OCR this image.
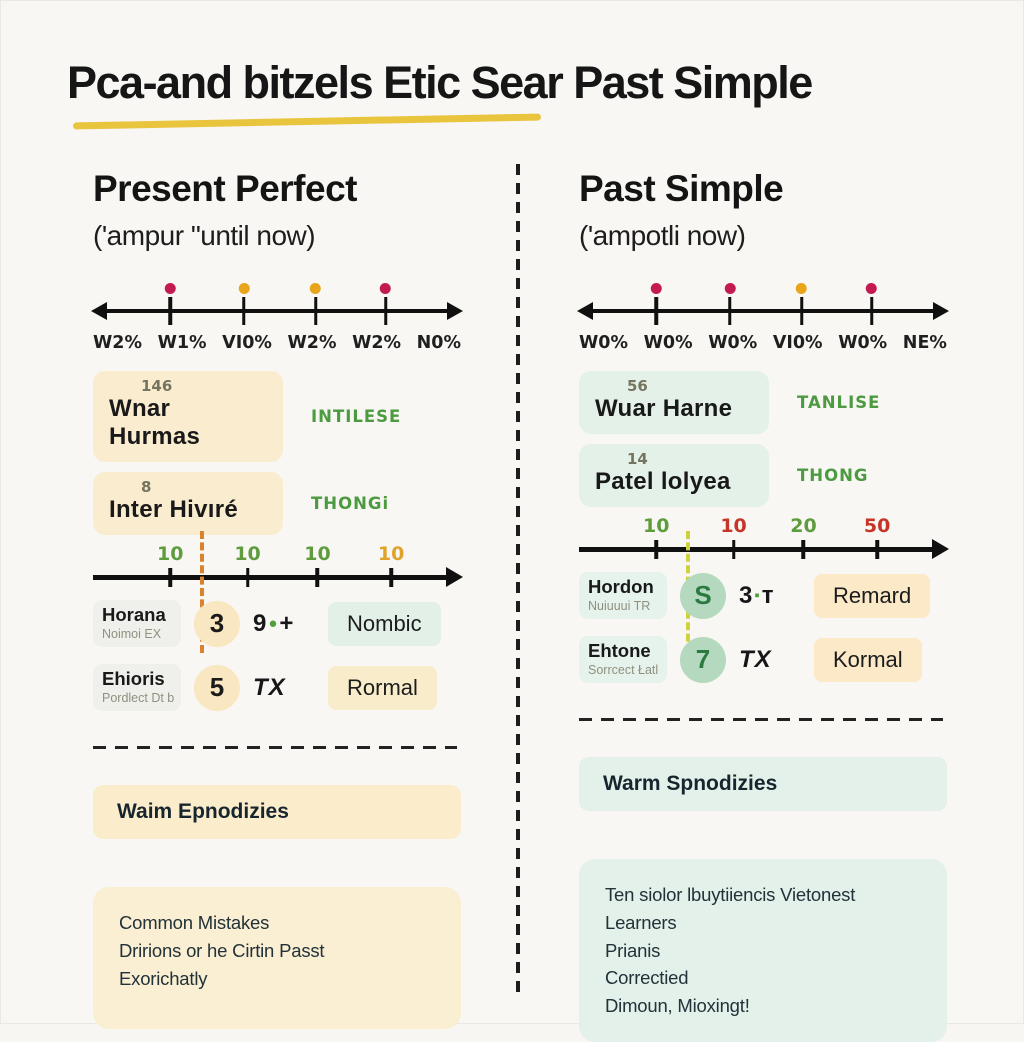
Pca-and bitzels Etic Sear Past Simple
Present Perfect
('ampur "until now)
W2% W1% VI0% W2% W2% N0%
146
Wnar Hurmas
INTILESE
8
Inter Hivıré	THONGi
10	10 10 10
Horana
Noimoi EX	3	9 ● +	Nombic
Ehioris
Pordlect Dt b	5	TX	Rormal
Waim Epnodizies
Common Mistakes
Dririons or he Cirtin Passt
Exorichatly
Past Simple
('ampotli now)
W0% W0% W0% VI0% W0% NE%
56
Wuar Harne	TANLISE
14
Patel lolyea	THONG
10	10 20 50
Hordon
Nuiuuui TR	S	3 ▪ ᴛ	Remard
Ehtone
Sorrcect Łatl	7	TX	Kormal
Warm Spnodizies
Ten siolor lbuytiiencis Vietonest Learners
Prianis
Correctied
Dimoun, Mioxingt!
